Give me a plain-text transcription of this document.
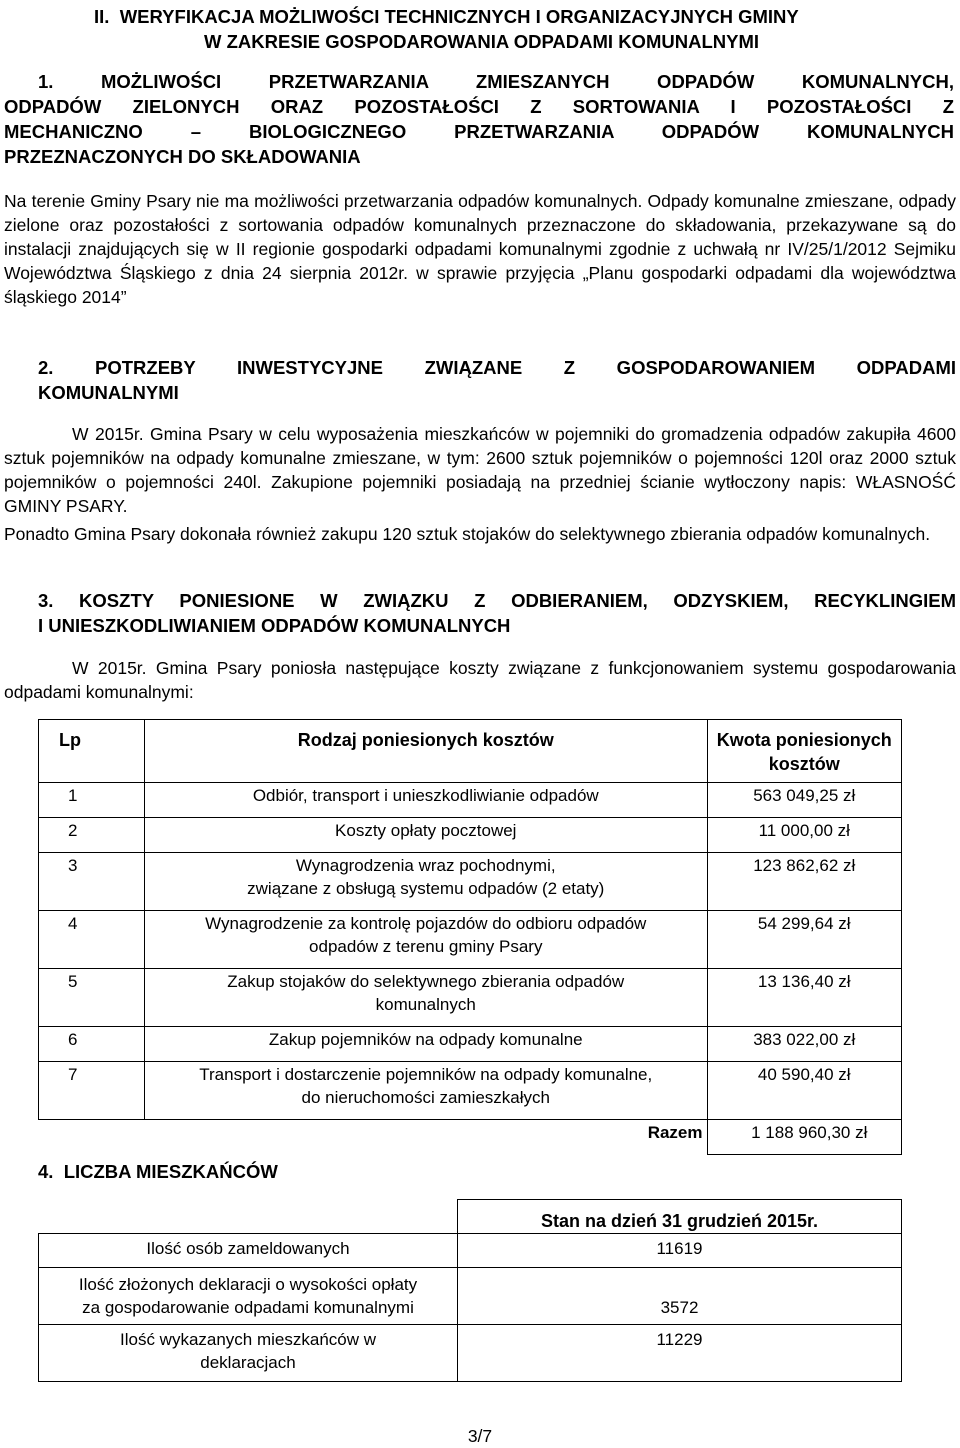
II.  WERYFIKACJA MOŻLIWOŚCI TECHNICZNYCH I ORGANIZACYJNYCH GMINY
W ZAKRESIE GOSPODAROWANIA ODPADAMI KOMUNALNYMI
1.  MOŻLIWOŚCI  PRZETWARZANIA  ZMIESZANYCH  ODPADÓW  KOMUNALNYCH,
ODPADÓW ZIELONYCH ORAZ POZOSTAŁOŚCI Z SORTOWANIA I POZOSTAŁOŚCI Z
MECHANICZNO – BIOLOGICZNEGO PRZETWARZANIA ODPADÓW KOMUNALNYCH
PRZEZNACZONYCH DO SKŁADOWANIA
Na terenie Gminy Psary nie ma możliwości przetwarzania odpadów komunalnych. Odpady komunalne zmieszane, odpady zielone oraz pozostałości z sortowania odpadów komunalnych przeznaczone do składowania, przekazywane są do instalacji znajdujących się w II regionie gospodarki odpadami komunalnymi zgodnie z uchwałą nr IV/25/1/2012 Sejmiku Województwa Śląskiego z dnia 24 sierpnia 2012r. w sprawie przyjęcia „Planu gospodarki odpadami dla województwa śląskiego 2014”
2. POTRZEBY INWESTYCYJNE ZWIĄZANE Z GOSPODAROWANIEM ODPADAMI
KOMUNALNYMI
W 2015r. Gmina Psary w celu wyposażenia mieszkańców w pojemniki do gromadzenia odpadów zakupiła 4600 sztuk pojemników na odpady komunalne zmieszane, w tym: 2600 sztuk pojemników o pojemności 120l oraz 2000 sztuk pojemników o pojemności 240l. Zakupione pojemniki posiadają na przedniej ścianie wytłoczony napis: WŁASNOŚĆ GMINY PSARY.
Ponadto Gmina Psary dokonała również zakupu 120 sztuk stojaków do selektywnego zbierania odpadów komunalnych.
3. KOSZTY PONIESIONE W ZWIĄZKU Z ODBIERANIEM, ODZYSKIEM, RECYKLINGIEM
I UNIESZKODLIWIANIEM ODPADÓW KOMUNALNYCH
W 2015r. Gmina Psary poniosła następujące koszty związane z funkcjonowaniem systemu gospodarowania odpadami komunalnymi:
Lp	Rodzaj poniesionych kosztów	Kwota poniesionych
kosztów

1	Odbiór, transport i unieszkodliwianie odpadów	563 049,25 zł
2	Koszty opłaty pocztowej	11 000,00 zł
3	Wynagrodzenia wraz pochodnymi,
związane z obsługą systemu odpadów (2 etaty)	123 862,62 zł
4	Wynagrodzenie za kontrolę pojazdów do odbioru odpadów
odpadów z terenu gminy Psary	54 299,64 zł
5	Zakup stojaków do selektywnego zbierania odpadów
komunalnych	13 136,40 zł
6	Zakup pojemników na odpady komunalne	383 022,00 zł
7	Transport i dostarczenie pojemników na odpady komunalne,
do nieruchomości zamieszkałych	40 590,40 zł
	Razem	1 188 960,30 zł
4.  LICZBA MIESZKAŃCÓW
	Stan na dzień 31 grudzień 2015r.
Ilość osób zameldowanych	11619

Ilość złożonych deklaracji o wysokości opłaty
za gospodarowanie odpadami komunalnymi	3572

Ilość wykazanych mieszkańców w
deklaracjach	11229
3/7
